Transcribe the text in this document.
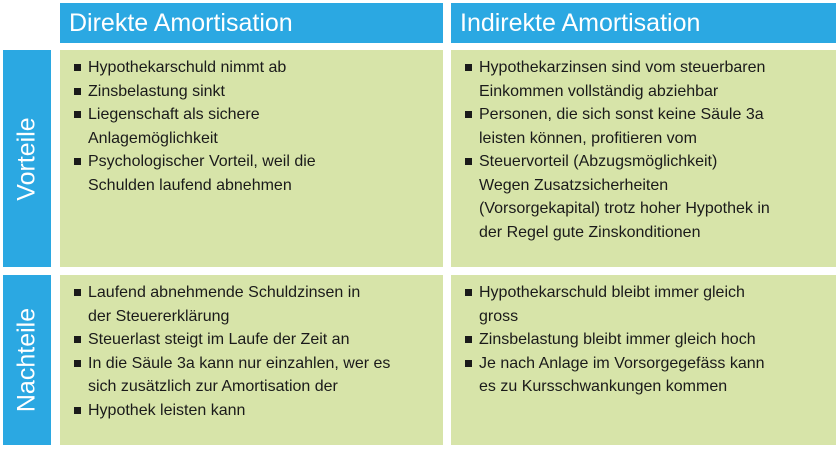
Direkte Amortisation	Indirekte Amortisation
Vorteile
Nachteile
Hypothekarschuld nimmt ab
Zinsbelastung sinkt
Liegenschaft als sichere
Anlagemöglichkeit
Psychologischer Vorteil, weil die
Schulden laufend abnehmen
Hypothekarzinsen sind vom steuerbaren
Einkommen vollständig abziehbar
Personen, die sich sonst keine Säule 3a
leisten können, profitieren vom
Steuervorteil (Abzugsmöglichkeit)
Wegen Zusatzsicherheiten
(Vorsorgekapital) trotz hoher Hypothek in
der Regel gute Zinskonditionen
Laufend abnehmende Schuldzinsen in
der Steuererklärung
Steuerlast steigt im Laufe der Zeit an
In die Säule 3a kann nur einzahlen, wer es
sich zusätzlich zur Amortisation der
Hypothek leisten kann
Hypothekarschuld bleibt immer gleich
gross
Zinsbelastung bleibt immer gleich hoch
Je nach Anlage im Vorsorgegefäss kann
es zu Kursschwankungen kommen
